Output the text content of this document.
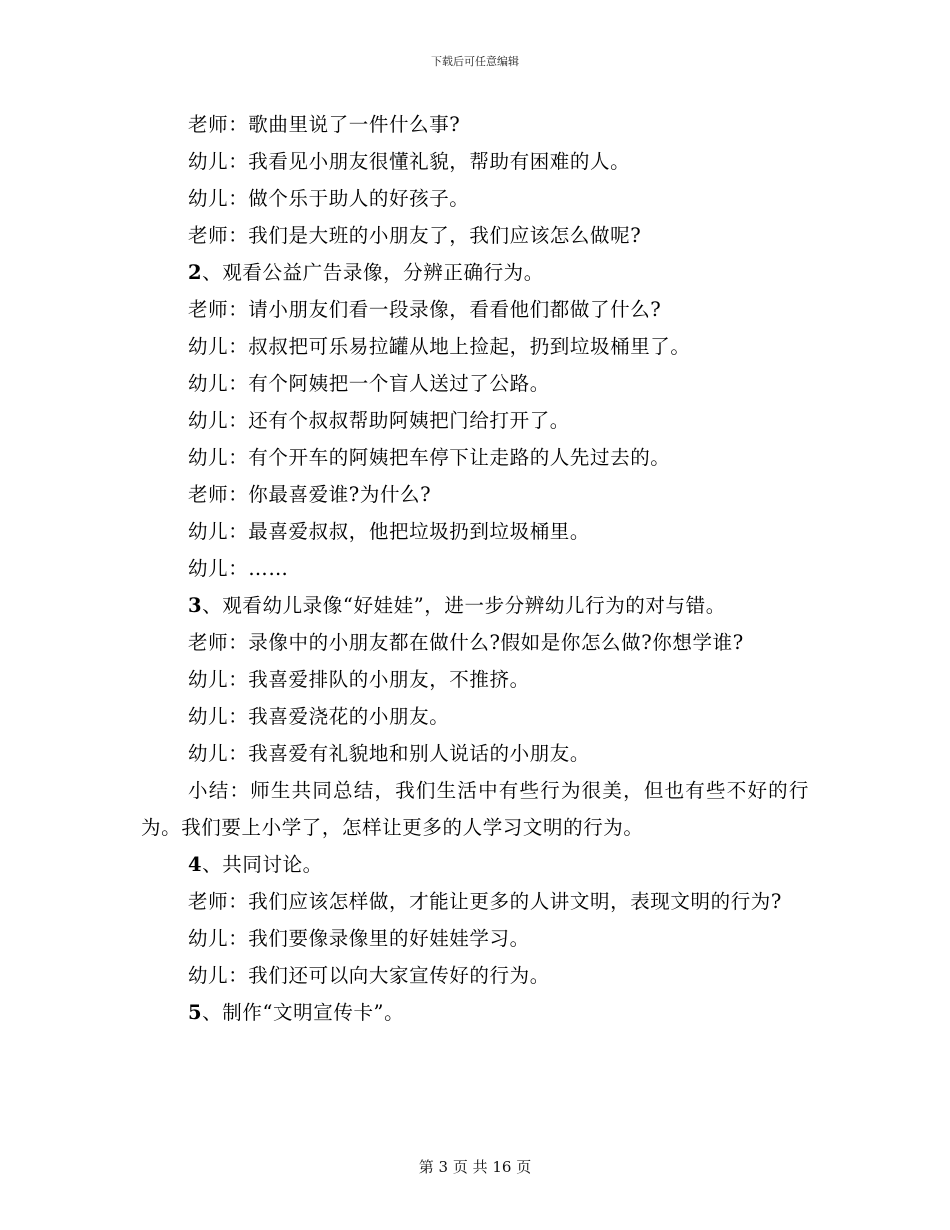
下载后可任意编辑
老师：歌曲里说了一件什么事?
幼儿：我看见小朋友很懂礼貌，帮助有困难的人。
幼儿：做个乐于助人的好孩子。
老师：我们是大班的小朋友了，我们应该怎么做呢?
2、观看公益广告录像，分辨正确行为。
老师：请小朋友们看一段录像，看看他们都做了什么?
幼儿：叔叔把可乐易拉罐从地上捡起，扔到垃圾桶里了。
幼儿：有个阿姨把一个盲人送过了公路。
幼儿：还有个叔叔帮助阿姨把门给打开了。
幼儿：有个开车的阿姨把车停下让走路的人先过去的。
老师：你最喜爱谁?为什么?
幼儿：最喜爱叔叔，他把垃圾扔到垃圾桶里。
幼儿：……
3、观看幼儿录像“好娃娃”，进一步分辨幼儿行为的对与错。
老师：录像中的小朋友都在做什么?假如是你怎么做?你想学谁?
幼儿：我喜爱排队的小朋友，不推挤。
幼儿：我喜爱浇花的小朋友。
幼儿：我喜爱有礼貌地和别人说话的小朋友。
小结：师生共同总结，我们生活中有些行为很美，但也有些不好的行为。我们要上小学了，怎样让更多的人学习文明的行为。
4、共同讨论。
老师：我们应该怎样做，才能让更多的人讲文明，表现文明的行为?
幼儿：我们要像录像里的好娃娃学习。
幼儿：我们还可以向大家宣传好的行为。
5、制作“文明宣传卡”。
第 3 页 共 16 页
